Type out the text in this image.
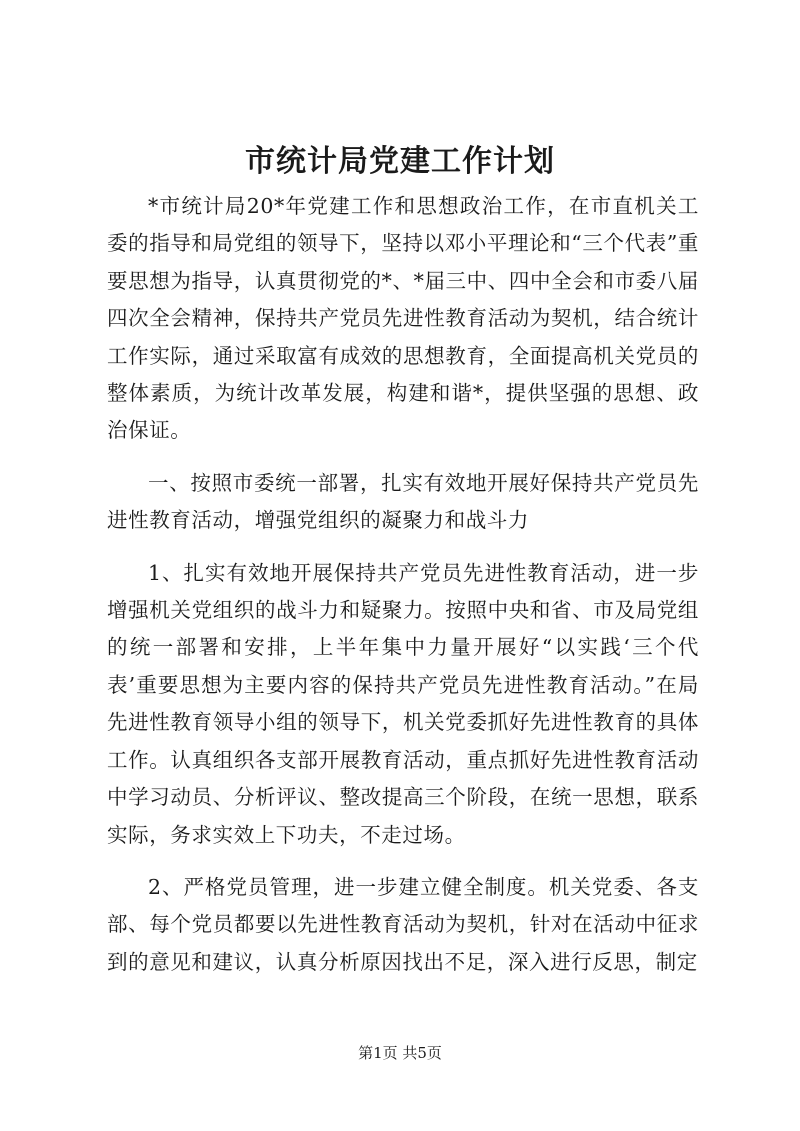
市统计局党建工作计划

*市统计局20*年党建工作和思想政治工作，在市直机关工委的指导和局党组的领导下，坚持以邓小平理论和“三个代表”重要思想为指导，认真贯彻党的*、*届三中、四中全会和市委八届四次全会精神，保持共产党员先进性教育活动为契机，结合统计工作实际，通过采取富有成效的思想教育，全面提高机关党员的整体素质，为统计改革发展，构建和谐*，提供坚强的思想、政治保证。

一、按照市委统一部署，扎实有效地开展好保持共产党员先进性教育活动，增强党组织的凝聚力和战斗力

1、扎实有效地开展保持共产党员先进性教育活动，进一步增强机关党组织的战斗力和疑聚力。按照中央和省、市及局党组的统一部署和安排，上半年集中力量开展好“以实践‘三个代表’重要思想为主要内容的保持共产党员先进性教育活动。”在局先进性教育领导小组的领导下，机关党委抓好先进性教育的具体工作。认真组织各支部开展教育活动，重点抓好先进性教育活动中学习动员、分析评议、整改提高三个阶段，在统一思想，联系实际，务求实效上下功夫，不走过场。

2、严格党员管理，进一步建立健全制度。机关党委、各支部、每个党员都要以先进性教育活动为契机，针对在活动中征求到的意见和建议，认真分析原因找出不足，深入进行反思，制定

第1页 共5页
